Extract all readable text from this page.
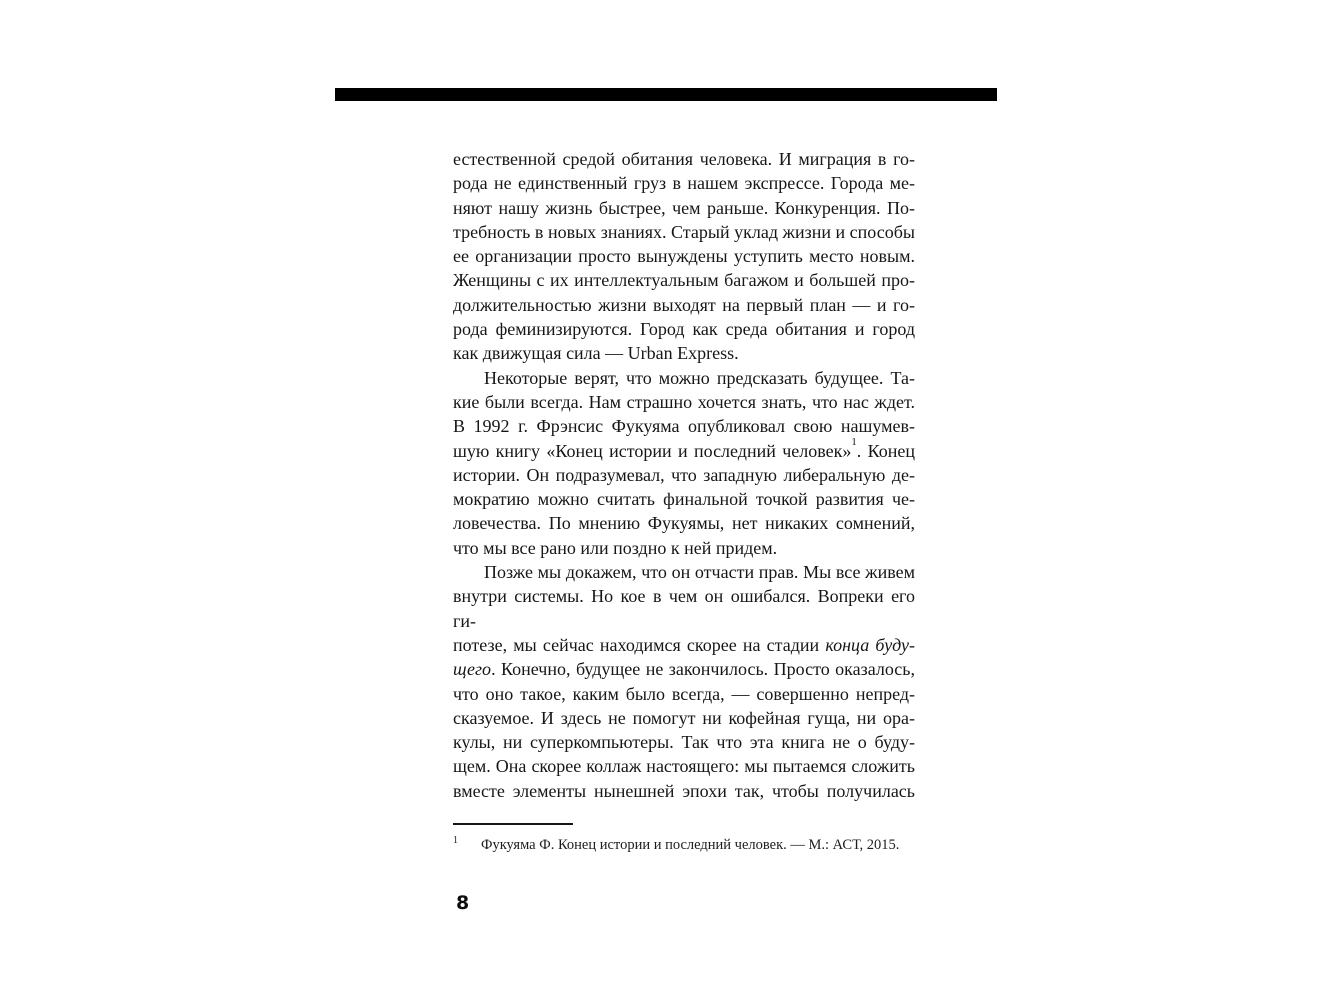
естественной средой обитания человека. И миграция в го-
рода не единственный груз в нашем экспрессе. Города ме-
няют нашу жизнь быстрее, чем раньше. Конкуренция. По-
требность в новых знаниях. Старый уклад жизни и способы
ее организации просто вынуждены уступить место новым.
Женщины с их интеллектуальным багажом и большей про-
должительностью жизни выходят на первый план — и го-
рода феминизируются. Город как среда обитания и город
как движущая сила — Urban Express.
Некоторые верят, что можно предсказать будущее. Та-
кие были всегда. Нам страшно хочется знать, что нас ждет.
В 1992 г. Фрэнсис Фукуяма опубликовал свою нашумев-
шую книгу «Конец истории и последний человек»$^1$. Конец
истории. Он подразумевал, что западную либеральную де-
мократию можно считать финальной точкой развития че-
ловечества. По мнению Фукуямы, нет никаких сомнений,
что мы все рано или поздно к ней придем.
Позже мы докажем, что он отчасти прав. Мы все живем
внутри системы. Но кое в чем он ошибался. Вопреки его ги-
потезе, мы сейчас находимся скорее на стадии конца буду-
щего. Конечно, будущее не закончилось. Просто оказалось,
что оно такое, каким было всегда, — совершенно непред-
сказуемое. И здесь не помогут ни кофейная гуща, ни ора-
кулы, ни суперкомпьютеры. Так что эта книга не о буду-
щем. Она скорее коллаж настоящего: мы пытаемся сложить
вместе элементы нынешней эпохи так, чтобы получилась
$^1$ Фукуяма Ф. Конец истории и последний человек. — М.: АСТ, 2015.
8
